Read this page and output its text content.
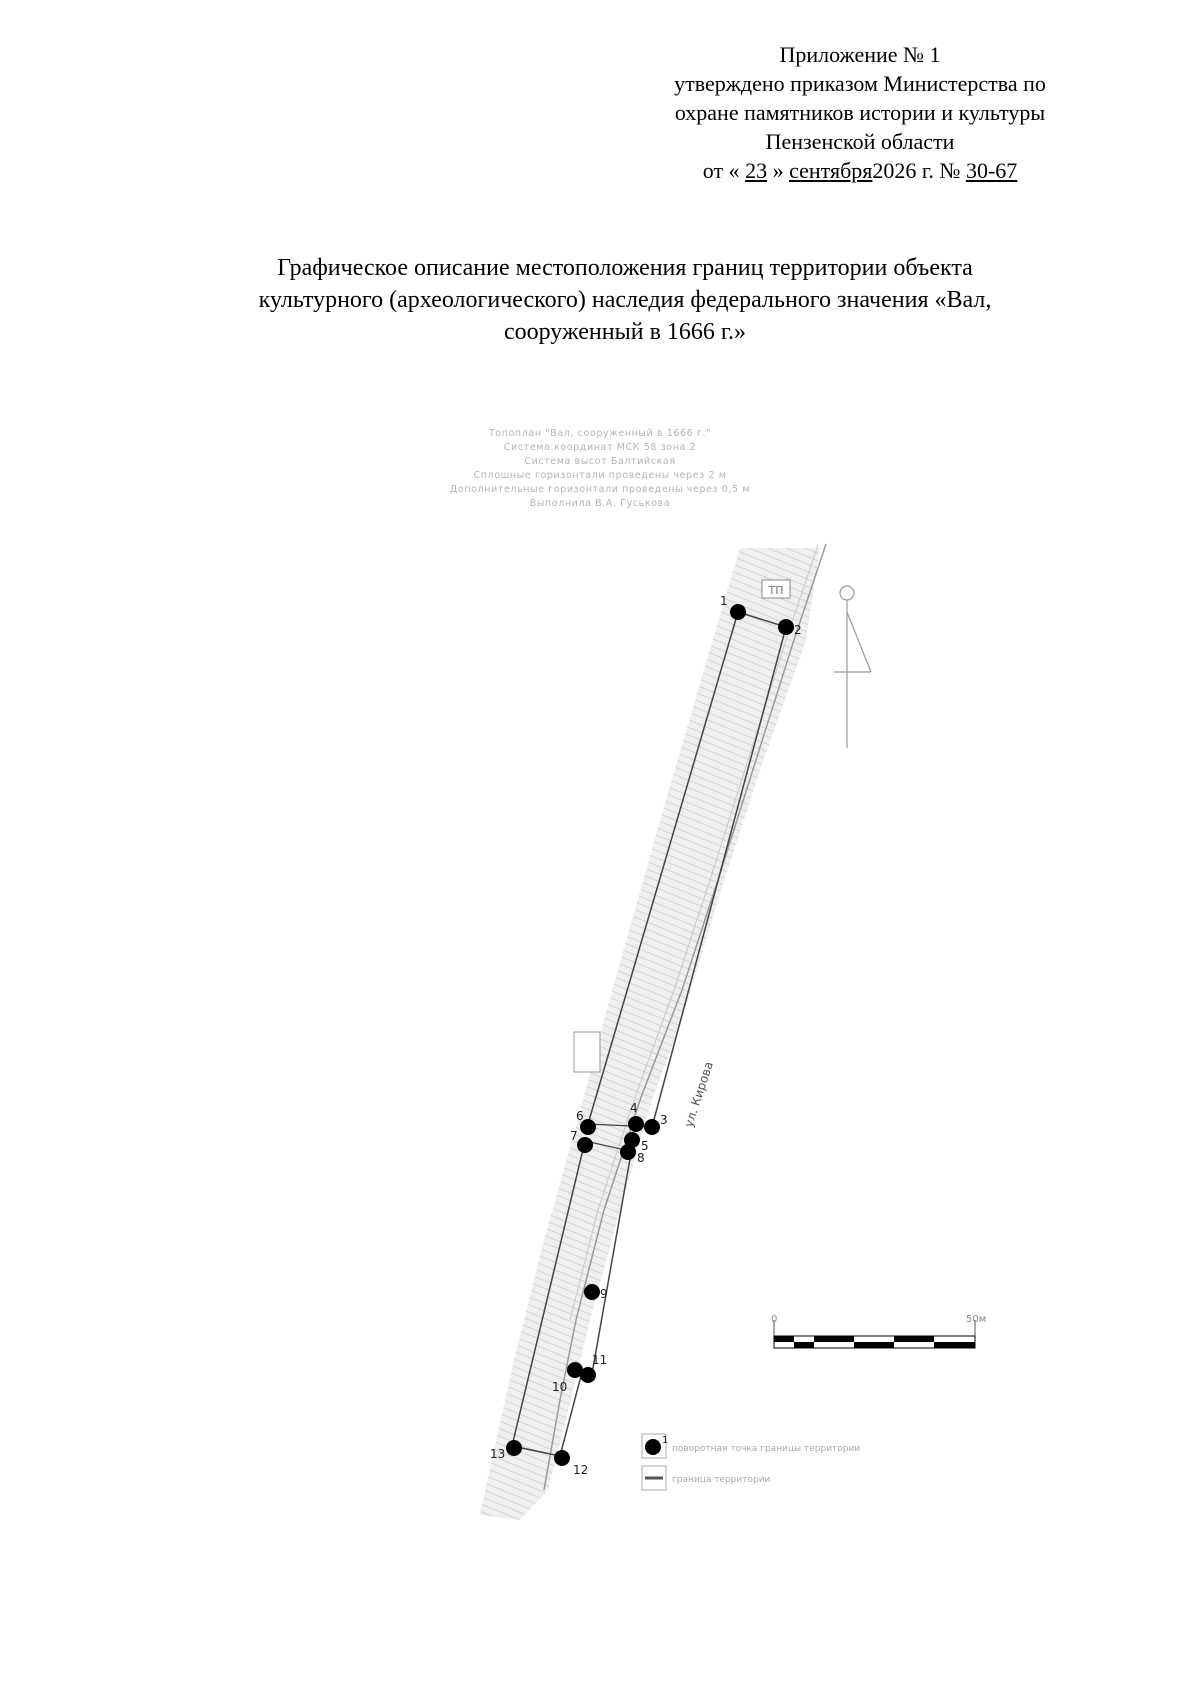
Приложение № 1
утверждено приказом Министерства по
охране памятников истории и культуры
Пензенской области
от « 23 » сентября2026 г. № 30-67
Графическое описание местоположения границ территории объекта
культурного (археологического) наследия федерального значения «Вал,
сооруженный в 1666 г.»
Топоплан "Вал, сооруженный в 1666 г."
Система координат МСК 58 зона 2
Система высот Балтийская
Сплошные горизонтали проведены через 2 м
Дополнительные горизонтали проведены через 0,5 м
Выполнила В.А. Гуськова
ТП
ул. Кирова
1
2
3
4
5
6
7
8
9
10
11
12
13
0	50м
1
поворотная точка границы территории
граница территории
